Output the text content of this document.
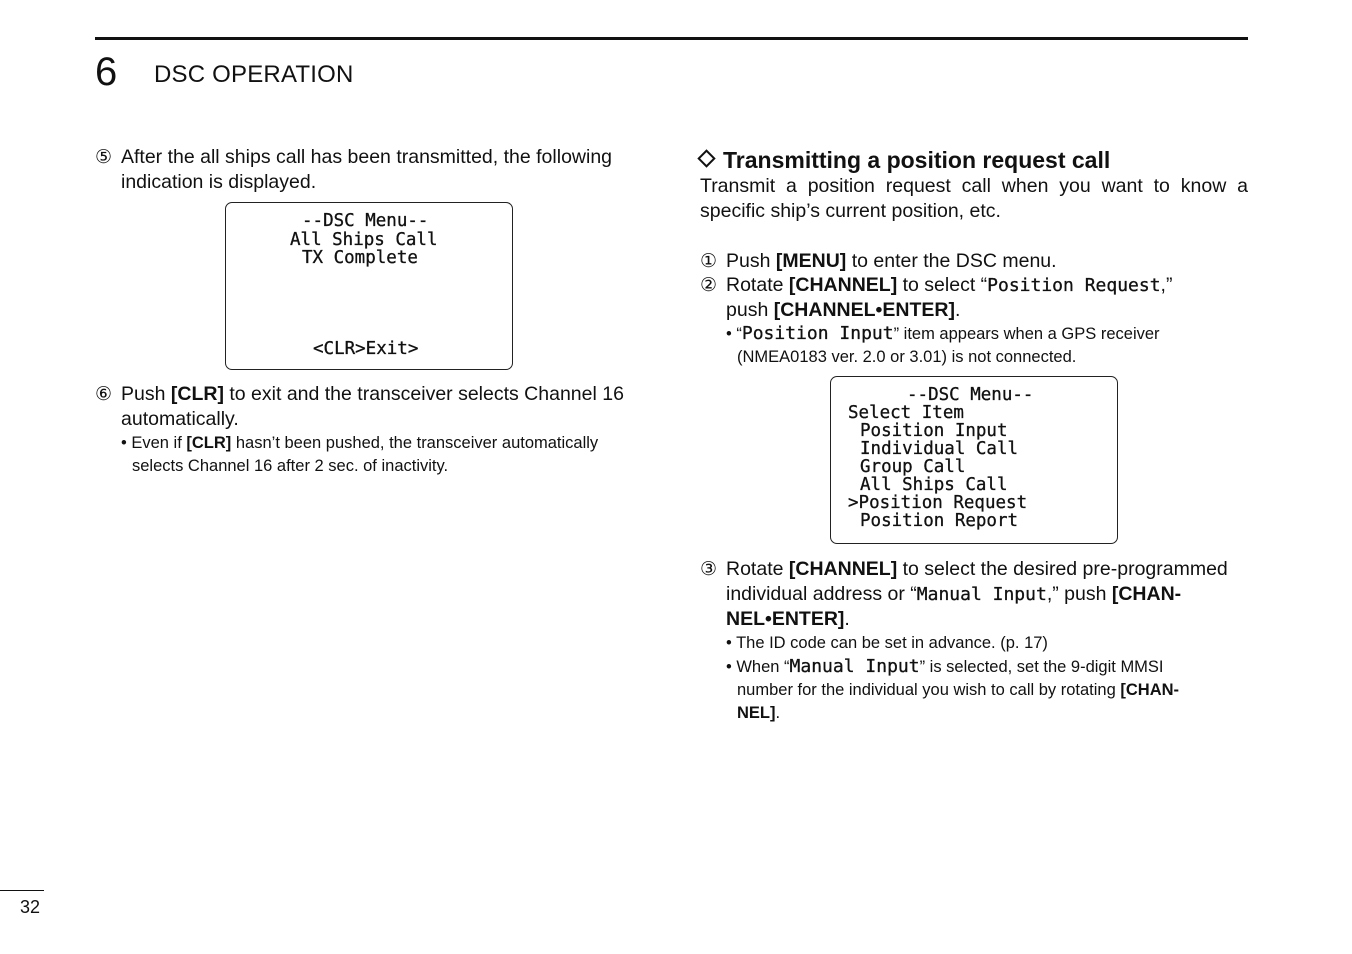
6 DSC OPERATION
⑤ After the all ships call has been transmitted, the following
indication is displayed.

--DSC Menu--

All Ships Call

TX Complete

<CLR>Exit>

⑥ Push [CLR] to exit and the transceiver selects Channel 16
automatically.
• Even if [CLR] hasn’t been pushed, the transceiver automatically
selects Channel 16 after 2 sec. of inactivity.
Transmitting a position request call
Transmit a position request call when you want to know a
specific ship’s current position, etc.
① Push [MENU] to enter the DSC menu.
② Rotate [CHANNEL] to select “Position Request,”
push [CHANNEL•ENTER].
• “Position Input” item appears when a GPS receiver
(NMEA0183 ver. 2.0 or 3.01) is not connected.

--DSC Menu--

Select Item

Position Input

Individual Call

Group Call

All Ships Call

>Position Request

Position Report

③ Rotate [CHANNEL] to select the desired pre-programmed
individual address or “Manual Input,” push [CHAN-
NEL•ENTER].
• The ID code can be set in advance. (p. 17)
• When “Manual Input” is selected, set the 9-digit MMSI
number for the individual you wish to call by rotating [CHAN-
NEL].
32
